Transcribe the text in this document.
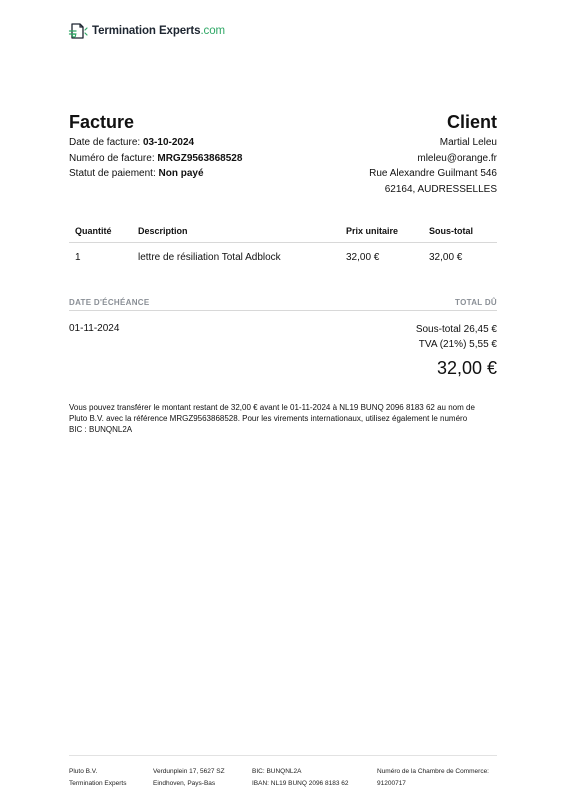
Termination Experts.com
Facture
Date de facture: 03-10-2024
Numéro de facture: MRGZ9563868528
Statut de paiement: Non payé
Client
Martial Leleu
mleleu@orange.fr
Rue Alexandre Guilmant 546
62164, AUDRESSELLES
Quantité	Description	Prix unitaire	Sous-total
1	lettre de résiliation Total Adblock	32,00 €	32,00 €
DATE D'ÉCHÉANCE	TOTAL DÛ
01-11-2024	Sous-total 26,45 €
TVA (21%) 5,55 €
32,00 €
Vous pouvez transférer le montant restant de 32,00 € avant le 01-11-2024 à NL19 BUNQ 2096 8183 62 au nom de
Pluto B.V. avec la référence MRGZ9563868528. Pour les virements internationaux, utilisez également le numéro
BIC : BUNQNL2A
Pluto B.V.
Termination Experts
Verdunplein 17, 5627 SZ
Eindhoven, Pays-Bas
BIC: BUNQNL2A
IBAN: NL19 BUNQ 2096 8183 62
Numéro de la Chambre de Commerce:
91200717
